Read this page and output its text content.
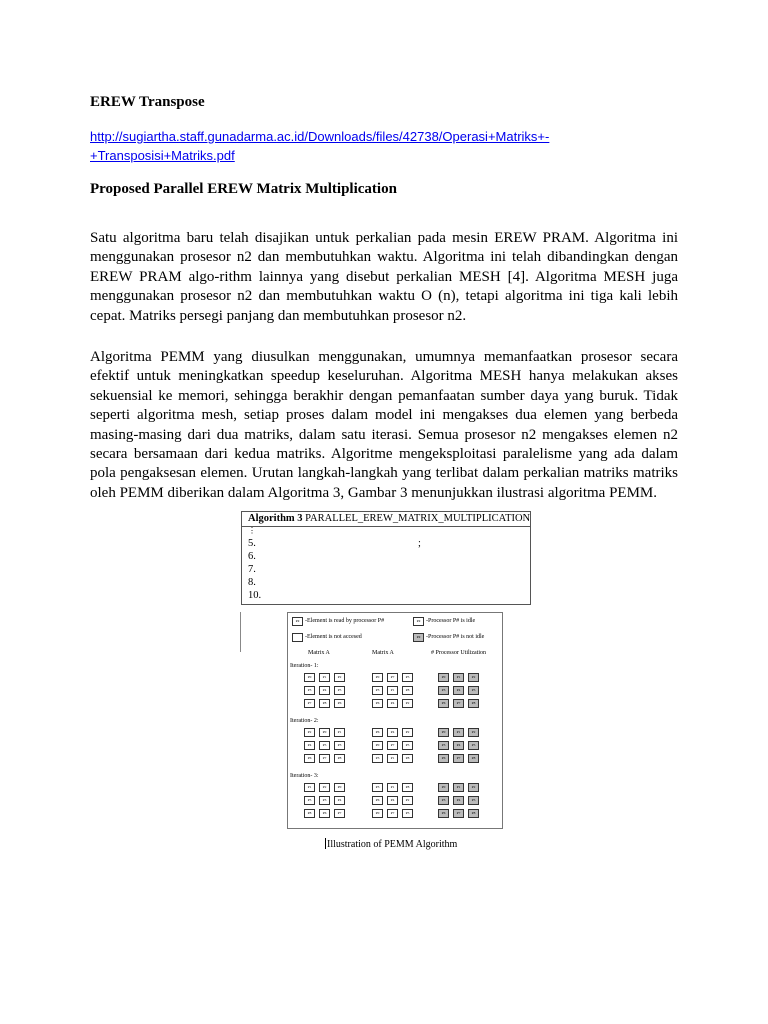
EREW Transpose
http://sugiartha.staff.gunadarma.ac.id/Downloads/files/42738/Operasi+Matriks+-
+Transposisi+Matriks.pdf
Proposed Parallel EREW Matrix Multiplication
Satu algoritma baru telah disajikan untuk perkalian pada mesin EREW PRAM. Algoritma ini menggunakan prosesor n2 dan membutuhkan waktu. Algoritma ini telah dibandingkan dengan EREW PRAM algo-rithm lainnya yang disebut perkalian MESH [4]. Algoritma MESH juga menggunakan prosesor n2 dan membutuhkan waktu O (n), tetapi algoritma ini tiga kali lebih cepat. Matriks persegi panjang dan membutuhkan prosesor n2.
Algoritma PEMM yang diusulkan menggunakan, umumnya memanfaatkan prosesor secara efektif untuk meningkatkan speedup keseluruhan. Algoritma MESH hanya melakukan akses sekuensial ke memori, sehingga berakhir dengan pemanfaatan sumber daya yang buruk. Tidak seperti algoritma mesh, setiap proses dalam model ini mengakses dua elemen yang berbeda masing-masing dari dua matriks, dalam satu iterasi. Semua prosesor n2 mengakses elemen n2 secara bersamaan dari kedua matriks. Algoritme mengeksploitasi paralelisme yang ada dalam pola pengaksesan elemen. Urutan langkah-langkah yang terlibat dalam perkalian matriks matriks oleh PEMM diberikan dalam Algoritma 3, Gambar 3 menunjukkan ilustrasi algoritma PEMM.
Algorithm 3 PARALLEL_EREW_MATRIX_MULTIPLICATION
⋮
5.	;
6.
7.
8.
10.
P# -Element is read by processor P#	P# -Processor P# is idle
-Element is not accesed	P# -Processor P# is not idle
Matrix A	Matrix A	# Processor Utilization
Iteration- 1:
P0	P1	P2
P3	P4	P5
P7	P8	P6
P0	P7	P5
P3	P1	P8
P6	P4	P2
P0	P1	P2
P3	P4	P5
P6	P7	P8
Iteration- 2:
P2	P0	P1
P4	P5	P3
P6	P7	P8
P6	P4	P2
P0	P7	P5
P3	P1	P8
P0	P1	P2
P3	P4	P5
P6	P7	P8
Iteration- 3:
P1	P2	P0
P5	P3	P4
P8	P6	P7
P3	P1	P8
P6	P4	P2
P0	P7	P5
P0	P1	P2
P3	P4	P5
P6	P7	P8
Illustration of PEMM Algorithm
